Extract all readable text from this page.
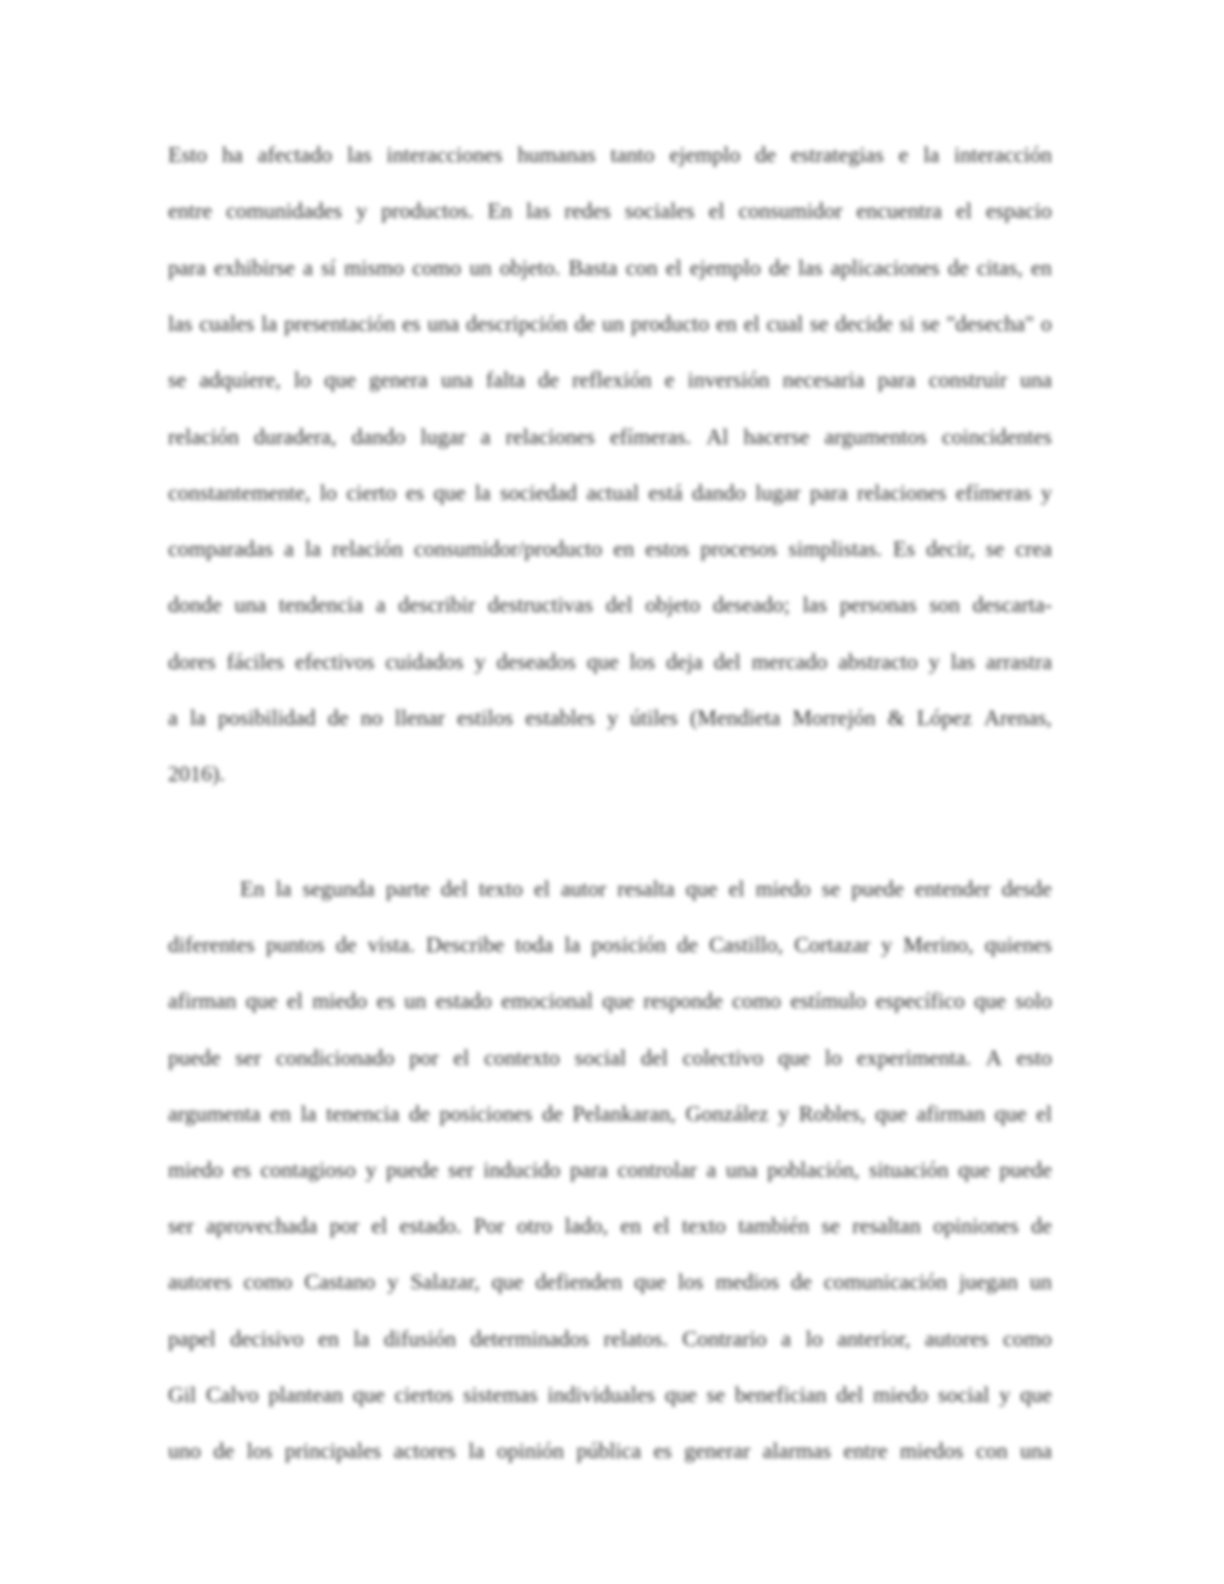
Esto ha afectado las interacciones humanas tanto ejemplo de estrategias e la interacción
entre comunidades y productos. En las redes sociales el consumidor encuentra el espacio
para exhibirse a sí mismo como un objeto. Basta con el ejemplo de las aplicaciones de citas, en
las cuales la presentación es una descripción de un producto en el cual se decide si se "desecha" o
se adquiere, lo que genera una falta de reflexión e inversión necesaria para construir una
relación duradera, dando lugar a relaciones efímeras. Al hacerse argumentos coincidentes
constantemente, lo cierto es que la sociedad actual está dando lugar para relaciones efímeras y
comparadas a la relación consumidor/producto en estos procesos simplistas. Es decir, se crea
donde una tendencia a describir destructivas del objeto deseado; las personas son descarta-
dores fáciles efectivos cuidados y deseados que los deja del mercado abstracto y las arrastra
a la posibilidad de no llenar estilos estables y útiles (Mendieta Morrejón & López Arenas,
2016).
En la segunda parte del texto el autor resalta que el miedo se puede entender desde
diferentes puntos de vista. Describe toda la posición de Castillo, Cortazar y Merino, quienes
afirman que el miedo es un estado emocional que responde como estímulo específico que solo
puede ser condicionado por el contexto social del colectivo que lo experimenta. A esto
argumenta en la tenencia de posiciones de Pelankaran, González y Robles, que afirman que el
miedo es contagioso y puede ser inducido para controlar a una población, situación que puede
ser aprovechada por el estado. Por otro lado, en el texto también se resaltan opiniones de
autores como Castano y Salazar, que defienden que los medios de comunicación juegan un
papel decisivo en la difusión determinados relatos. Contrario a lo anterior, autores como
Gil Calvo plantean que ciertos sistemas individuales que se benefician del miedo social y que
uno de los principales actores la opinión pública es generar alarmas entre miedos con una
